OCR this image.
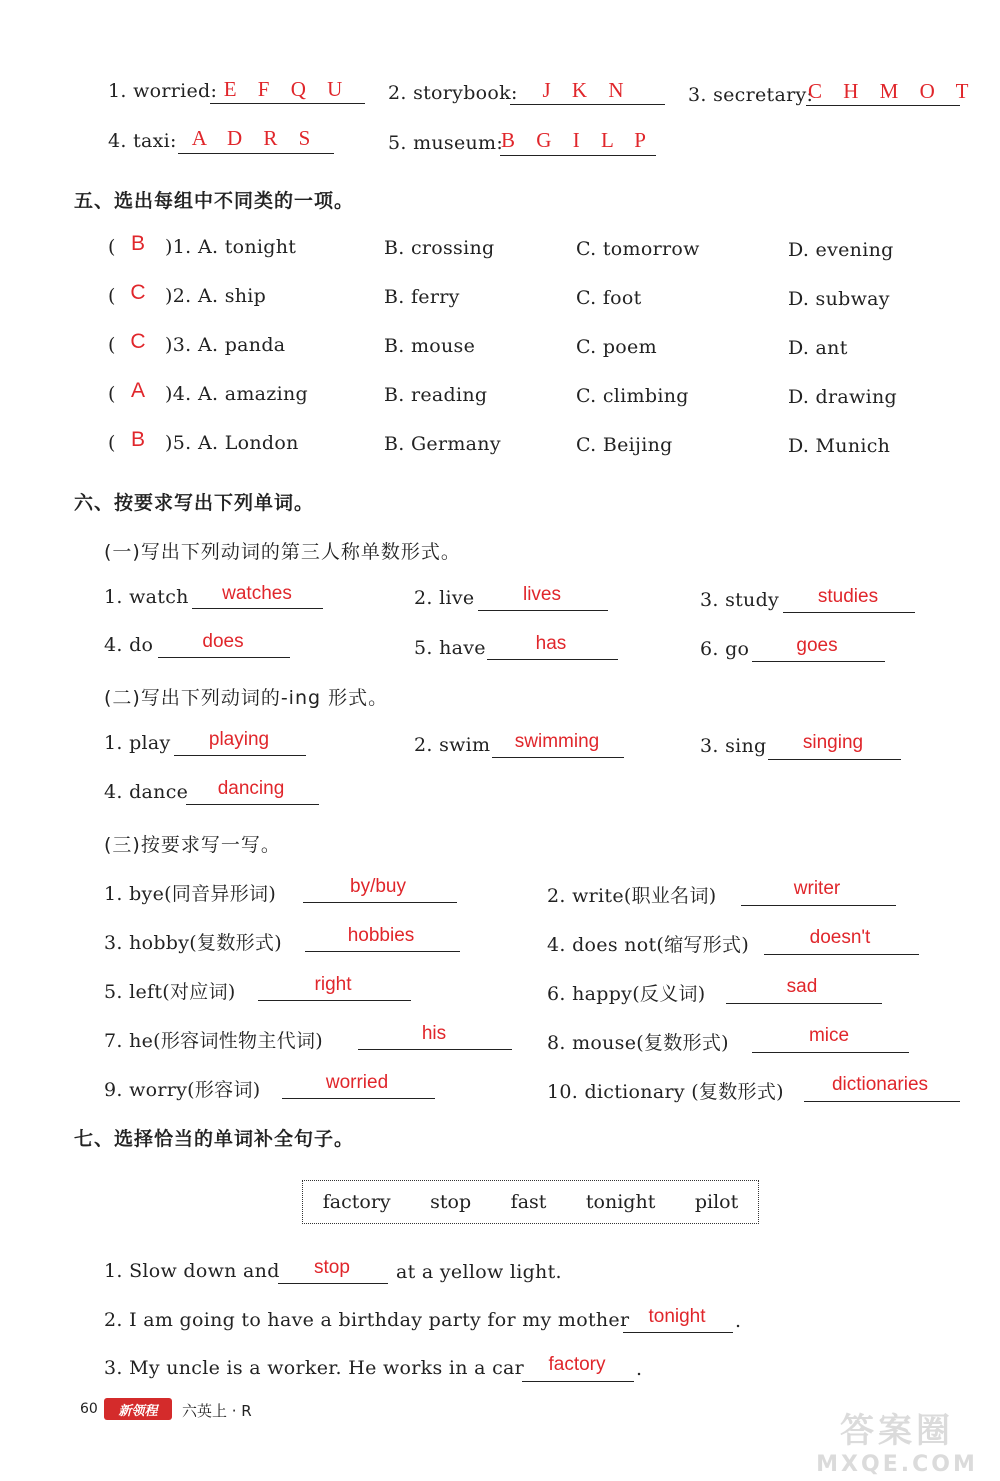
1. worried: E F Q U	2. storybook:	J K N	3. secretary:
C H M O T
4. taxi: A D R S	5. museum:
B G I L P
五、选出每组中不同类的一项。
( B )1. A. tonight	B. crossing	C. tomorrow	D. evening
( C )2. A. ship	B. ferry	C. foot	D. subway
( C )3. A. panda	B. mouse	C. poem	D. ant
( A )4. A. amazing	B. reading	C. climbing	D. drawing
( B )5. A. London	B. Germany	C. Beijing	D. Munich
六、按要求写出下列单词。
(一)写出下列动词的第三人称单数形式。
1. watch	watches	2. live	lives	3. study	studies
4. do	does	5. have	has	6. go	goes
(二)写出下列动词的-ing 形式。
1. play	playing	2. swim	swimming	3. sing	singing
4. dance	dancing
(三)按要求写一写。
1. bye(同音异形词)	by/buy	2. write(职业名词)	writer
3. hobby(复数形式)	hobbies	4. does not(缩写形式)	doesn't
5. left(对应词)	right	6. happy(反义词)	sad
7. he(形容词性物主代词)	his	8. mouse(复数形式)	mice
9. worry(形容词)	worried	10. dictionary (复数形式)	dictionaries
七、选择恰当的单词补全句子。
factory stop fast tonight pilot
1. Slow down and	stop	at a yellow light.
2. I am going to have a birthday party for my mother	tonight	.
3. My uncle is a worker. He works in a car	factory	.
60	新领程	六英上 · R	答案圈
MXQE.COM
